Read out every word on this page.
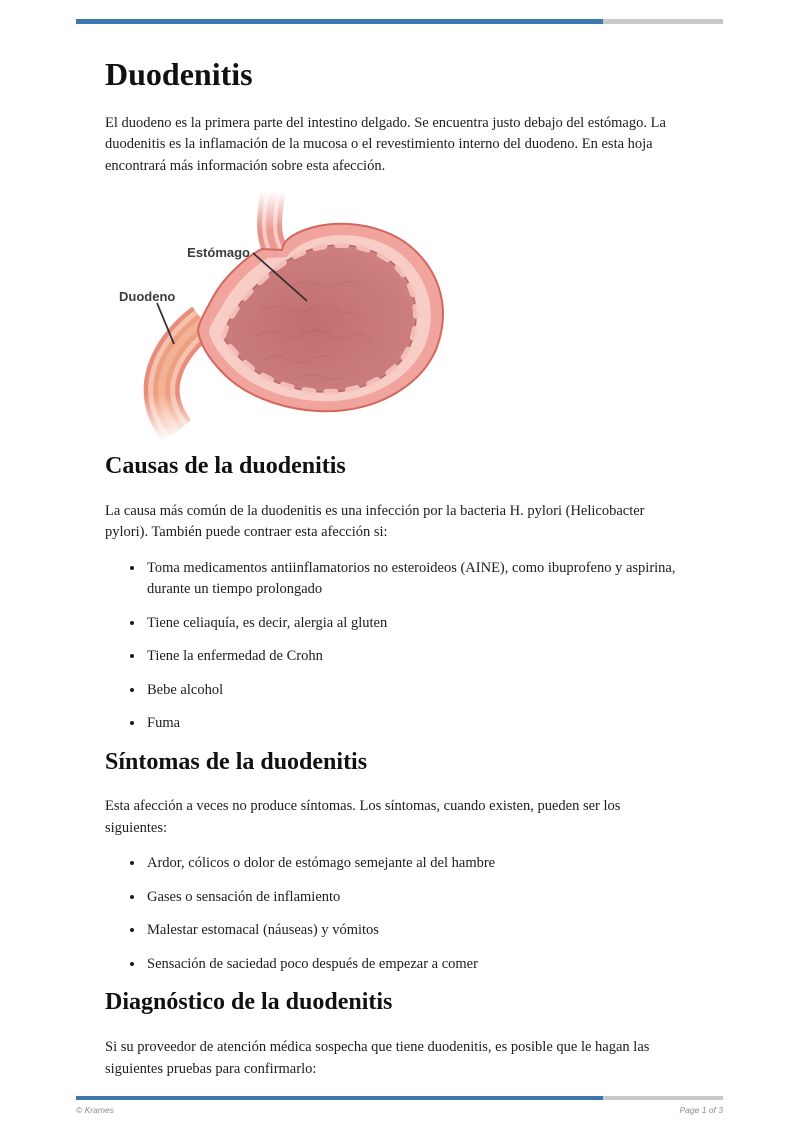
Duodenitis

El duodeno es la primera parte del intestino delgado. Se encuentra justo debajo del estómago. La duodenitis es la inflamación de la mucosa o el revestimiento interno del duodeno. En esta hoja encontrará más información sobre esta afección.

Estómago
Duodeno
Causas de la duodenitis

La causa más común de la duodenitis es una infección por la bacteria H. pylori (Helicobacter pylori). También puede contraer esta afección si:

• Toma medicamentos antiinflamatorios no esteroideos (AINE), como ibuprofeno y aspirina, durante un tiempo prolongado
• Tiene celiaquía, es decir, alergia al gluten
• Tiene la enfermedad de Crohn
• Bebe alcohol
• Fuma
Síntomas de la duodenitis

Esta afección a veces no produce síntomas. Los síntomas, cuando existen, pueden ser los siguientes:

• Ardor, cólicos o dolor de estómago semejante al del hambre
• Gases o sensación de inflamiento
• Malestar estomacal (náuseas) y vómitos
• Sensación de saciedad poco después de empezar a comer
Diagnóstico de la duodenitis

Si su proveedor de atención médica sospecha que tiene duodenitis, es posible que le hagan las siguientes pruebas para confirmarlo:

© Krames	Page 1 of 3
